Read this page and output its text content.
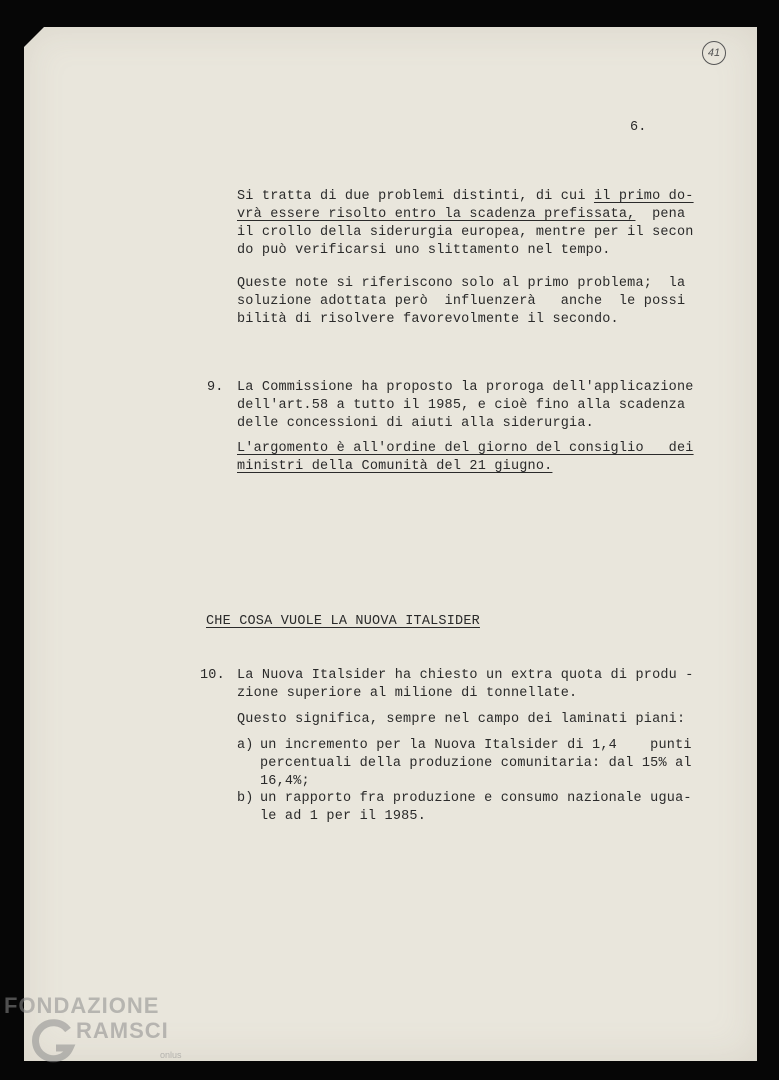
41
6.
Si tratta di due problemi distinti, di cui il primo do-
vrà essere risolto entro la scadenza prefissata,  pena
il crollo della siderurgia europea, mentre per il secon
do può verificarsi uno slittamento nel tempo.
Queste note si riferiscono solo al primo problema;  la
soluzione adottata però  influenzerà   anche  le possi
bilità di risolvere favorevolmente il secondo.
9. La Commissione ha proposto la proroga dell'applicazione
dell'art.58 a tutto il 1985, e cioè fino alla scadenza
delle concessioni di aiuti alla siderurgia.
L'argomento è all'ordine del giorno del consiglio   dei
ministri della Comunità del 21 giugno.
CHE COSA VUOLE LA NUOVA ITALSIDER
10. La Nuova Italsider ha chiesto un extra quota di produ -
zione superiore al milione di tonnellate.
Questo significa, sempre nel campo dei laminati piani:
a) un incremento per la Nuova Italsider di 1,4    punti
percentuali della produzione comunitaria: dal 15% al
16,4%;
b) un rapporto fra produzione e consumo nazionale ugua-
le ad 1 per il 1985.
FONDAZIONE
RAMSCI
onlus
